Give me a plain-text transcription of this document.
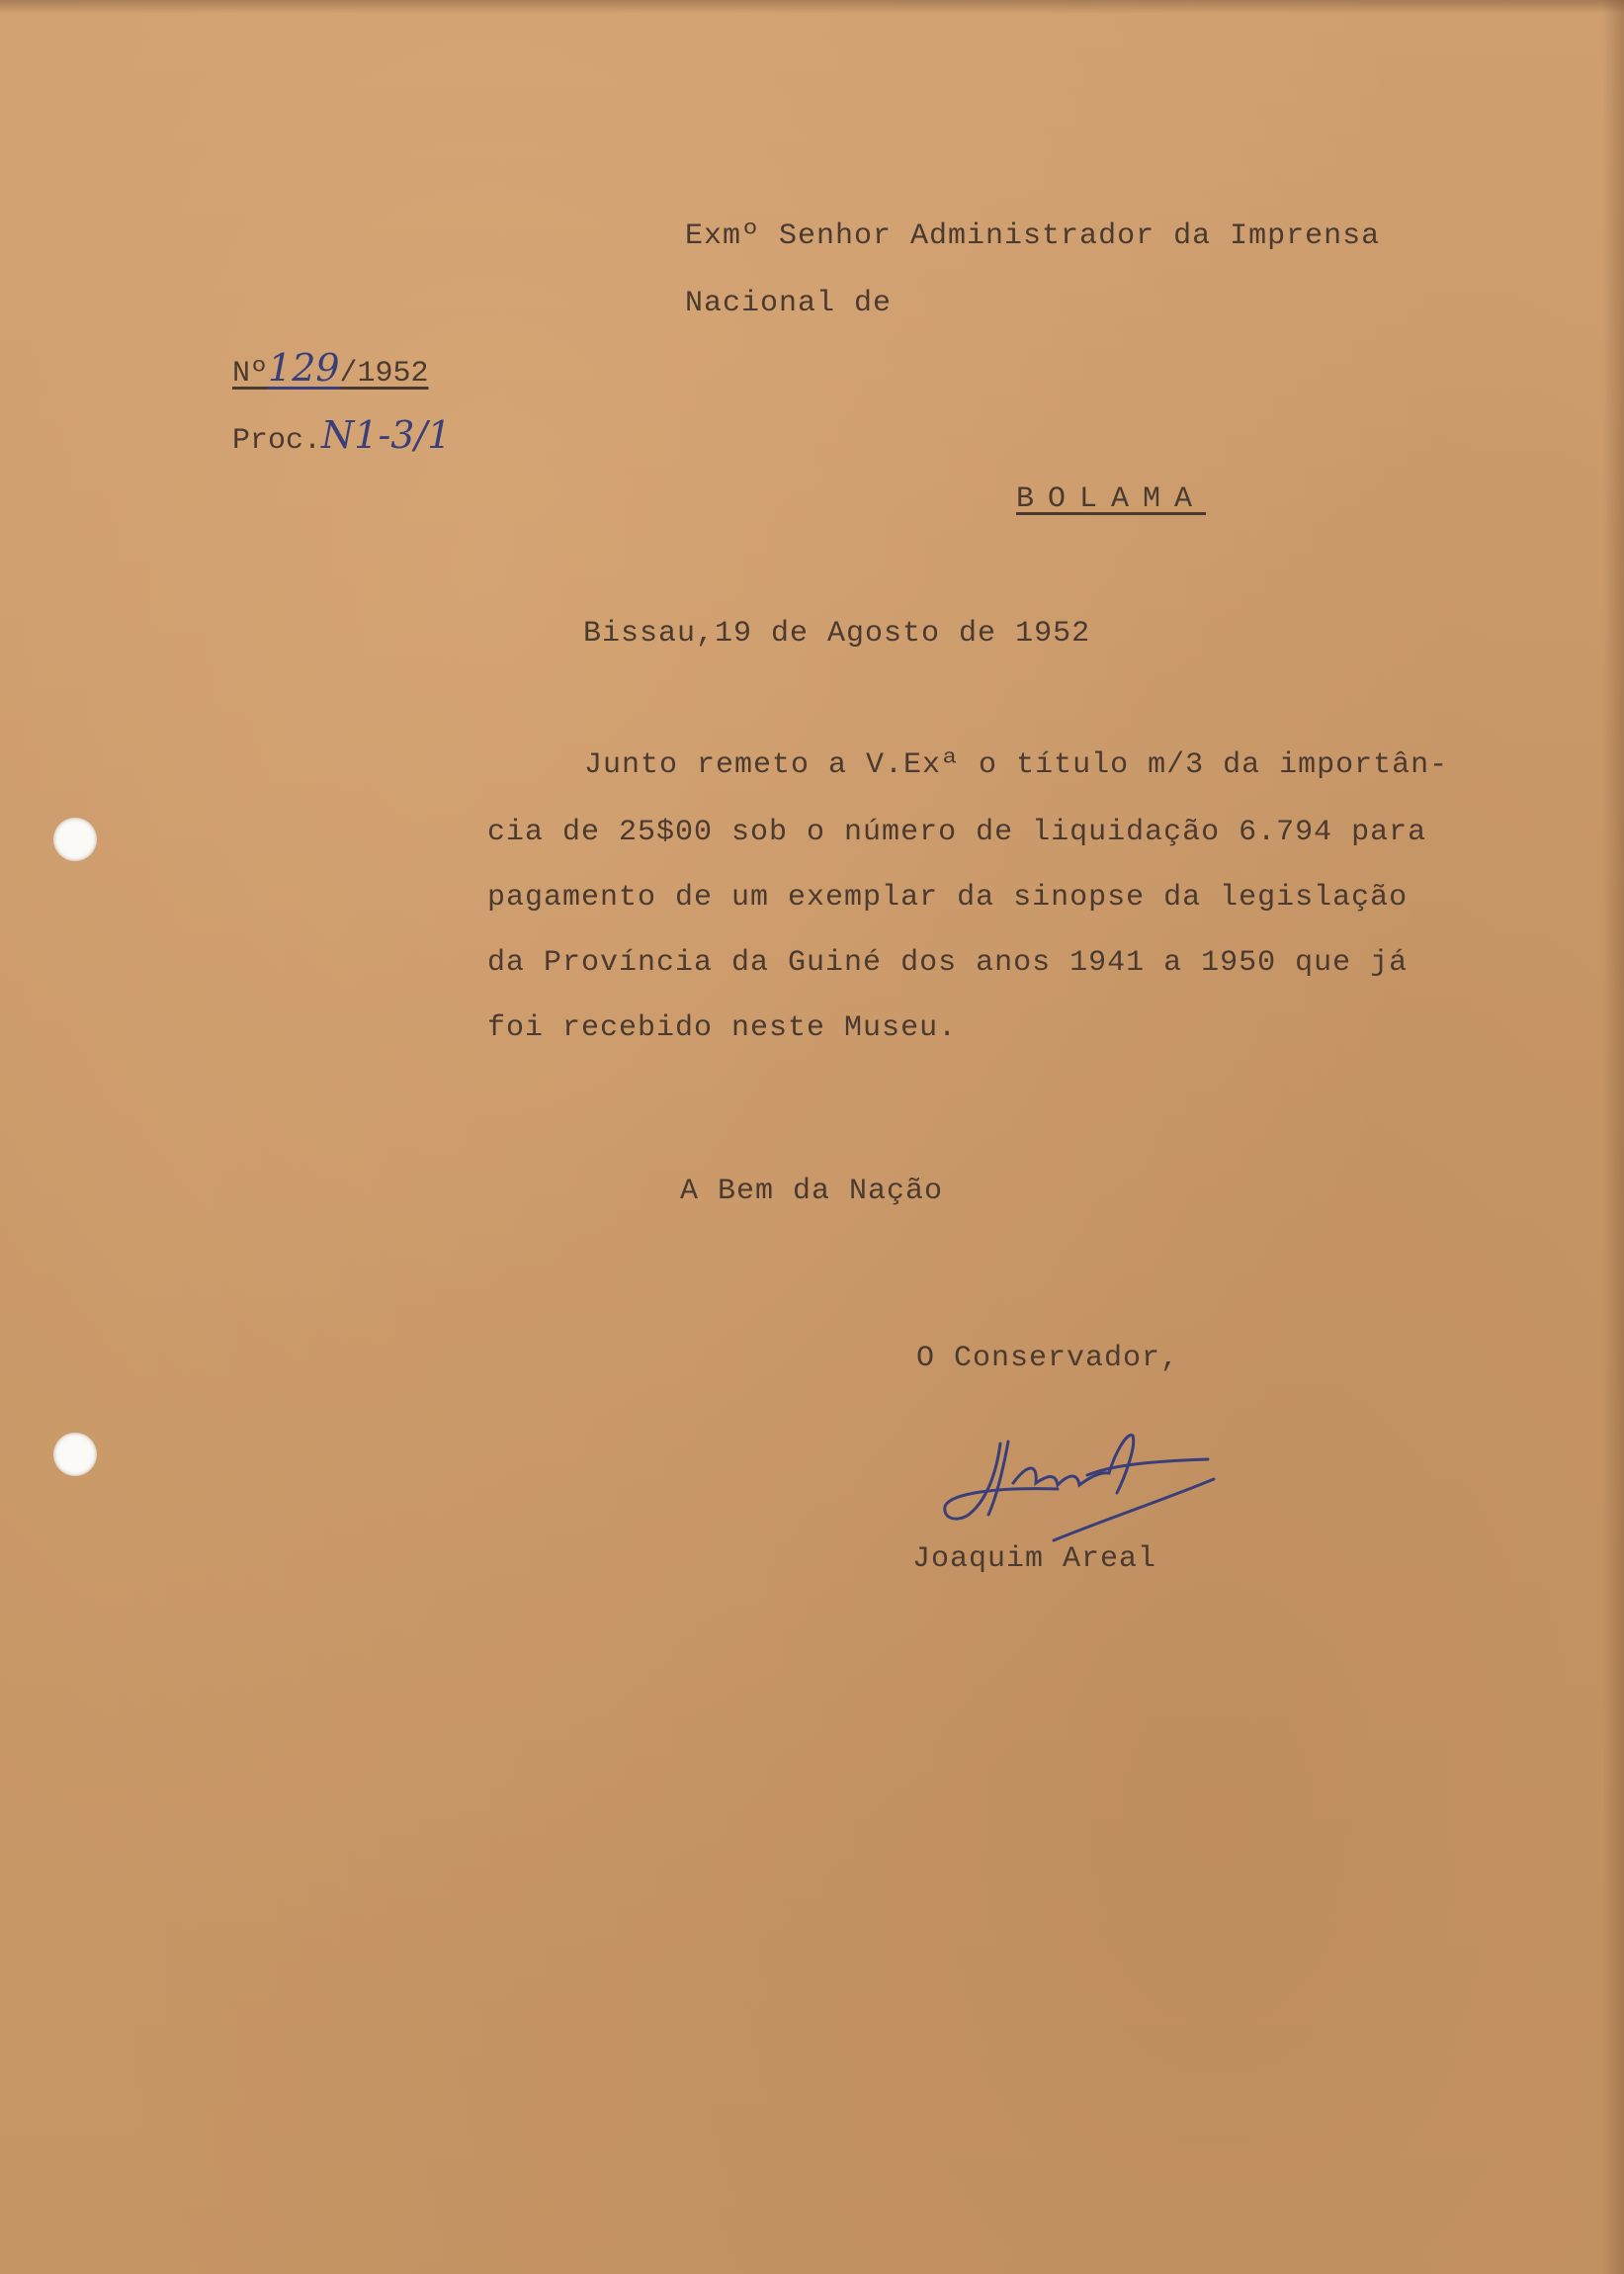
Exmº Senhor Administrador da Imprensa
Nacional de
Nº 129 /1952
Proc. N1-3/1
BOLAMA
Bissau,19 de Agosto de 1952
Junto remeto a V.Exª o título m/3 da importân-
cia de 25$00 sob o número de liquidação 6.794 para
pagamento de um exemplar da sinopse da legislação
da Província da Guiné dos anos 1941 a 1950 que já
foi recebido neste Museu.
A Bem da Nação
O Conservador,
Joaquim Areal
